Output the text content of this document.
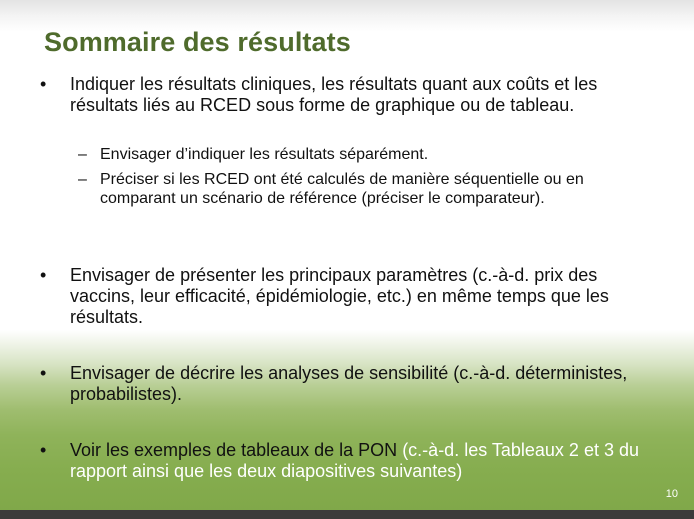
Sommaire des résultats
•	Indiquer les résultats cliniques, les résultats quant aux coûts et les résultats liés au RCED sous forme de graphique ou de tableau.
– Envisager d’indiquer les résultats séparément.
– Préciser si les RCED ont été calculés de manière séquentielle ou en comparant un scénario de référence (préciser le comparateur).
•	Envisager de présenter les principaux paramètres (c.-à-d. prix des vaccins, leur efficacité, épidémiologie, etc.) en même temps que les résultats.
•	Envisager de décrire les analyses de sensibilité (c.-à-d. déterministes, probabilistes).
•	Voir les exemples de tableaux de la PON (c.-à-d. les Tableaux 2 et 3 du rapport ainsi que les deux diapositives suivantes)
10
